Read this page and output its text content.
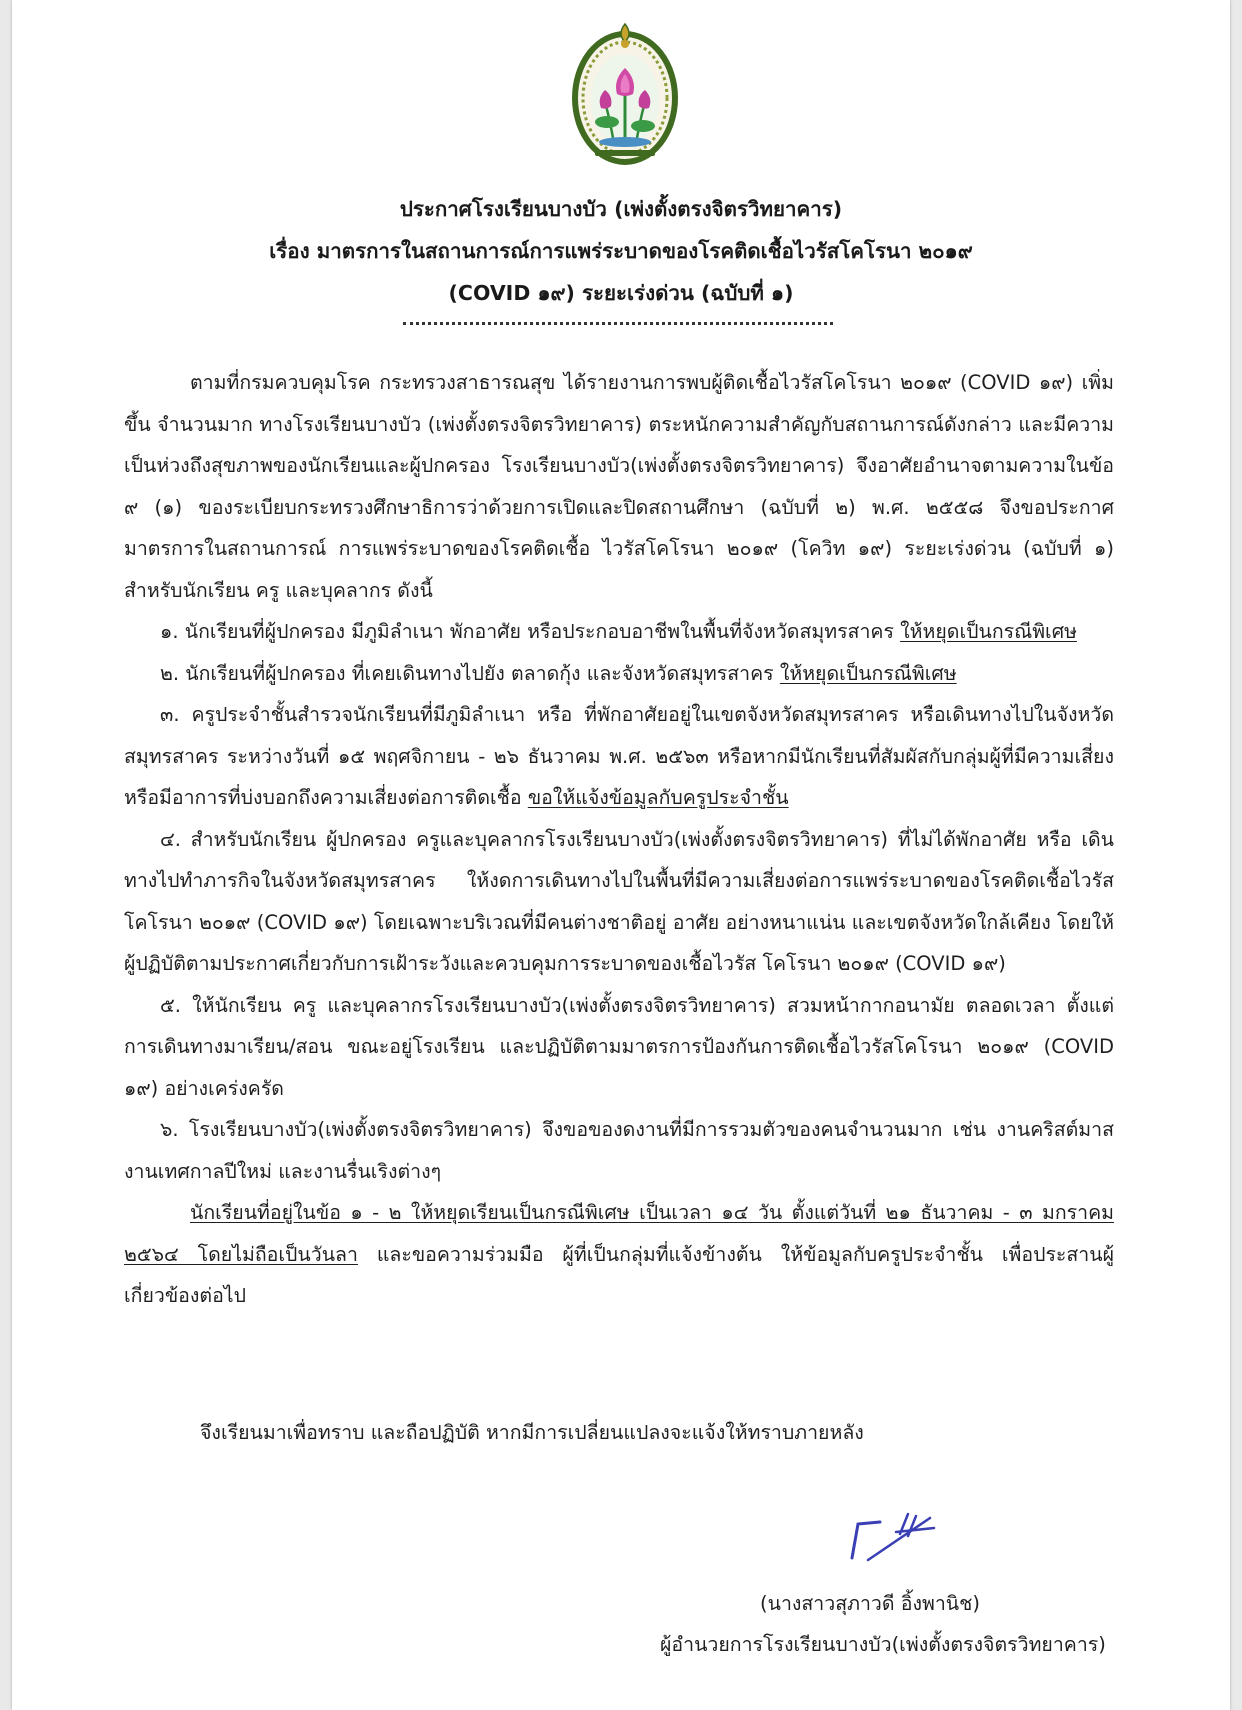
ประกาศโรงเรียนบางบัว (เพ่งตั้งตรงจิตรวิทยาคาร)
เรื่อง มาตรการในสถานการณ์การแพร่ระบาดของโรคติดเชื้อไวรัสโคโรนา ๒๐๑๙
(COVID ๑๙) ระยะเร่งด่วน (ฉบับที่ ๑)

ตามที่กรมควบคุมโรค กระทรวงสาธารณสุข ได้รายงานการพบผู้ติดเชื้อไวรัสโคโรนา ๒๐๑๙ (COVID ๑๙) เพิ่มขึ้น จำนวนมาก ทางโรงเรียนบางบัว (เพ่งตั้งตรงจิตรวิทยาคาร) ตระหนักความสำคัญกับสถานการณ์ดังกล่าว และมีความเป็นห่วงถึงสุขภาพของนักเรียนและผู้ปกครอง โรงเรียนบางบัว(เพ่งตั้งตรงจิตรวิทยาคาร) จึงอาศัยอำนาจตามความในข้อ ๙ (๑) ของระเบียบกระทรวงศึกษาธิการว่าด้วยการเปิดและปิดสถานศึกษา (ฉบับที่ ๒) พ.ศ. ๒๕๕๘ จึงขอประกาศมาตรการในสถานการณ์ การแพร่ระบาดของโรคติดเชื้อ ไวรัสโคโรนา ๒๐๑๙ (โควิท ๑๙) ระยะเร่งด่วน (ฉบับที่ ๑) สำหรับนักเรียน ครู และบุคลากร ดังนี้

๑. นักเรียนที่ผู้ปกครอง มีภูมิลำเนา พักอาศัย หรือประกอบอาชีพในพื้นที่จังหวัดสมุทรสาคร ให้หยุดเป็นกรณีพิเศษ

๒. นักเรียนที่ผู้ปกครอง ที่เคยเดินทางไปยัง ตลาดกุ้ง และจังหวัดสมุทรสาคร ให้หยุดเป็นกรณีพิเศษ

๓. ครูประจำชั้นสำรวจนักเรียนที่มีภูมิลำเนา หรือ ที่พักอาศัยอยู่ในเขตจังหวัดสมุทรสาคร หรือเดินทางไปในจังหวัดสมุทรสาคร ระหว่างวันที่ ๑๕ พฤศจิกายน - ๒๖ ธันวาคม พ.ศ. ๒๕๖๓ หรือหากมีนักเรียนที่สัมผัสกับกลุ่มผู้ที่มีความเสี่ยง หรือมีอาการที่บ่งบอกถึงความเสี่ยงต่อการติดเชื้อ ขอให้แจ้งข้อมูลกับครูประจำชั้น

๔. สำหรับนักเรียน ผู้ปกครอง ครูและบุคลากรโรงเรียนบางบัว(เพ่งตั้งตรงจิตรวิทยาคาร) ที่ไม่ได้พักอาศัย หรือ เดินทางไปทำภารกิจในจังหวัดสมุทรสาคร ให้งดการเดินทางไปในพื้นที่มีความเสี่ยงต่อการแพร่ระบาดของโรคติดเชื้อไวรัสโคโรนา ๒๐๑๙ (COVID ๑๙) โดยเฉพาะบริเวณที่มีคนต่างชาติอยู่ อาศัย อย่างหนาแน่น และเขตจังหวัดใกล้เคียง โดยให้ผู้ปฏิบัติตามประกาศเกี่ยวกับการเฝ้าระวังและควบคุมการระบาดของเชื้อไวรัส โคโรนา ๒๐๑๙ (COVID ๑๙)

๕. ให้นักเรียน ครู และบุคลากรโรงเรียนบางบัว(เพ่งตั้งตรงจิตรวิทยาคาร) สวมหน้ากากอนามัย ตลอดเวลา ตั้งแต่การเดินทางมาเรียน/สอน ขณะอยู่โรงเรียน และปฏิบัติตามมาตรการป้องกันการติดเชื้อไวรัสโคโรนา ๒๐๑๙ (COVID ๑๙) อย่างเคร่งครัด

๖. โรงเรียนบางบัว(เพ่งตั้งตรงจิตรวิทยาคาร) จึงขอของดงานที่มีการรวมตัวของคนจำนวนมาก เช่น งานคริสต์มาส งานเทศกาลปีใหม่ และงานรื่นเริงต่างๆ

นักเรียนที่อยู่ในข้อ ๑ - ๒ ให้หยุดเรียนเป็นกรณีพิเศษ เป็นเวลา ๑๔ วัน ตั้งแต่วันที่ ๒๑ ธันวาคม - ๓ มกราคม ๒๕๖๔ โดยไม่ถือเป็นวันลา และขอความร่วมมือ ผู้ที่เป็นกลุ่มที่แจ้งข้างต้น ให้ข้อมูลกับครูประจำชั้น เพื่อประสานผู้เกี่ยวข้องต่อไป

จึงเรียนมาเพื่อทราบ และถือปฏิบัติ หากมีการเปลี่ยนแปลงจะแจ้งให้ทราบภายหลัง
(นางสาวสุภาวดี อิ้งพานิช)
ผู้อำนวยการโรงเรียนบางบัว(เพ่งตั้งตรงจิตรวิทยาคาร)
